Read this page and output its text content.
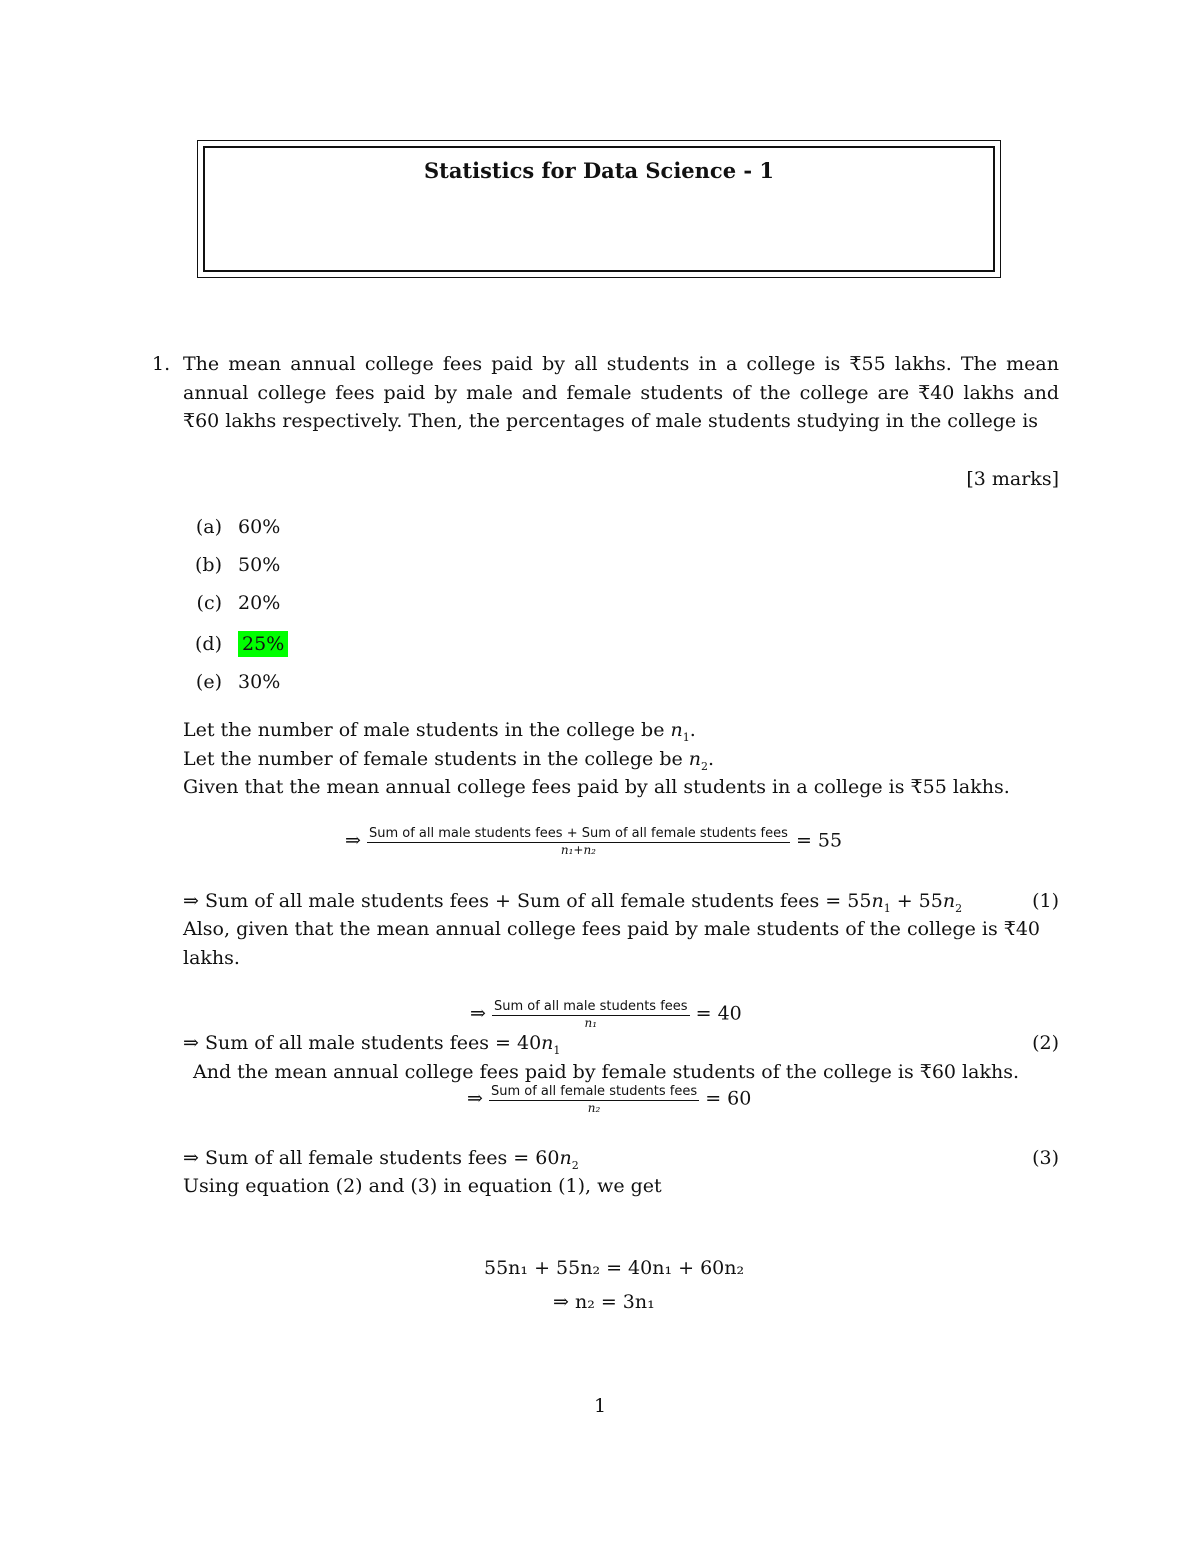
Statistics for Data Science - 1
1. The mean annual college fees paid by all students in a college is ₹55 lakhs. The mean
annual college fees paid by male and female students of the college are ₹40 lakhs and
₹60 lakhs respectively. Then, the percentages of male students studying in the college is
[3 marks]
(a) 60%
(b) 50%
(c) 20%
(d) 25%
(e) 30%
Let the number of male students in the college be $n_1$.
Let the number of female students in the college be $n_2$.
Given that the mean annual college fees paid by all students in a college is ₹55 lakhs.
⇒ Sum of all male students fees + Sum of all female students fees
n₁+n₂	= 55
⇒ Sum of all male students fees + Sum of all female students fees = $55n_1 + 55n_2$	(1)
Also, given that the mean annual college fees paid by male students of the college is ₹40
lakhs.
⇒ $\frac{\text{Sum of all male students fees}}{\text{n₁}} = 40$
⇒ Sum of all male students fees = $40n_1$	(2)
And the mean annual college fees paid by female students of the college is ₹60 lakhs.
⇒ $\frac{\text{Sum of all female students fees}}{\text{n₂}} = 60$
⇒ Sum of all female students fees = $60n_2$	(3)
Using equation (2) and (3) in equation (1), we get
55n₁ + 55n₂ = 40n₁ + 60n₂
⇒ n₂ = 3n₁
1
